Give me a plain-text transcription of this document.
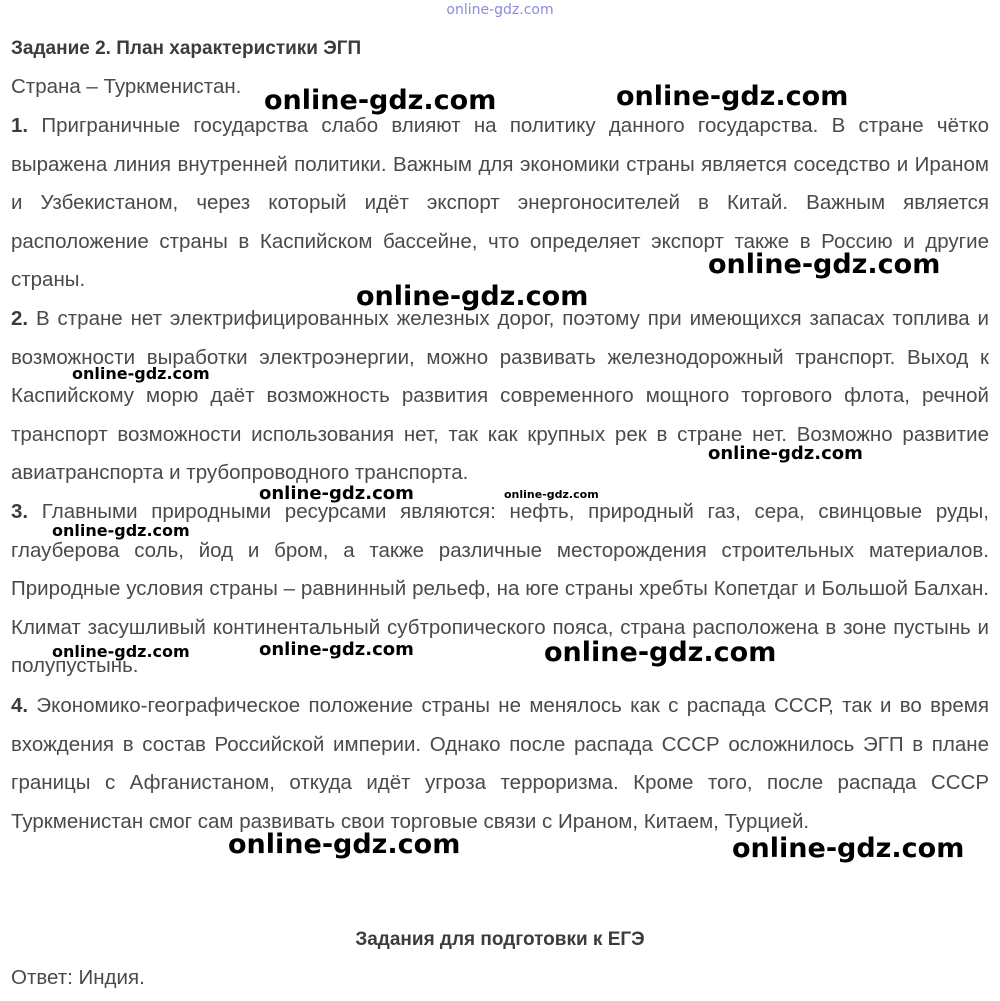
online-gdz.com
Задание 2. План характеристики ЭГП

Страна – Туркменистан.

1. Приграничные государства слабо влияют на политику данного государства. В стране чётко выражена линия внутренней политики. Важным для экономики страны является соседство и Ираном и Узбекистаном, через который идёт экспорт энергоносителей в Китай. Важным является расположение страны в Каспийском бассейне, что определяет экспорт также в Россию и другие страны.

2. В стране нет электрифицированных железных дорог, поэтому при имеющихся запасах топлива и возможности выработки электроэнергии, можно развивать железнодорожный транспорт. Выход к Каспийскому морю даёт возможность развития современного мощного торгового флота, речной транспорт возможности использования нет, так как крупных рек в стране нет. Возможно развитие авиатранспорта и трубопроводного транспорта.

3. Главными природными ресурсами являются: нефть, природный газ, сера, свинцовые руды, глауберова соль, йод и бром, а также различные месторождения строительных материалов. Природные условия страны – равнинный рельеф, на юге страны хребты Копетдаг и Большой Балхан. Климат засушливый континентальный субтропического пояса, страна расположена в зоне пустынь и полупустынь.

4. Экономико-географическое положение страны не менялось как с распада СССР, так и во время вхождения в состав Российской империи. Однако после распада СССР осложнилось ЭГП в плане границы с Афганистаном, откуда идёт угроза терроризма. Кроме того, после распада СССР Туркменистан смог сам развивать свои торговые связи с Ираном, Китаем, Турцией.

Задания для подготовки к ЕГЭ

Ответ: Индия.

online-gdz.com	online-gdz.com
online-gdz.com
online-gdz.com
online-gdz.com
online-gdz.com
online-gdz.com	online-gdz.com
online-gdz.com
online-gdz.com	online-gdz.com	online-gdz.com
online-gdz.com	online-gdz.com
